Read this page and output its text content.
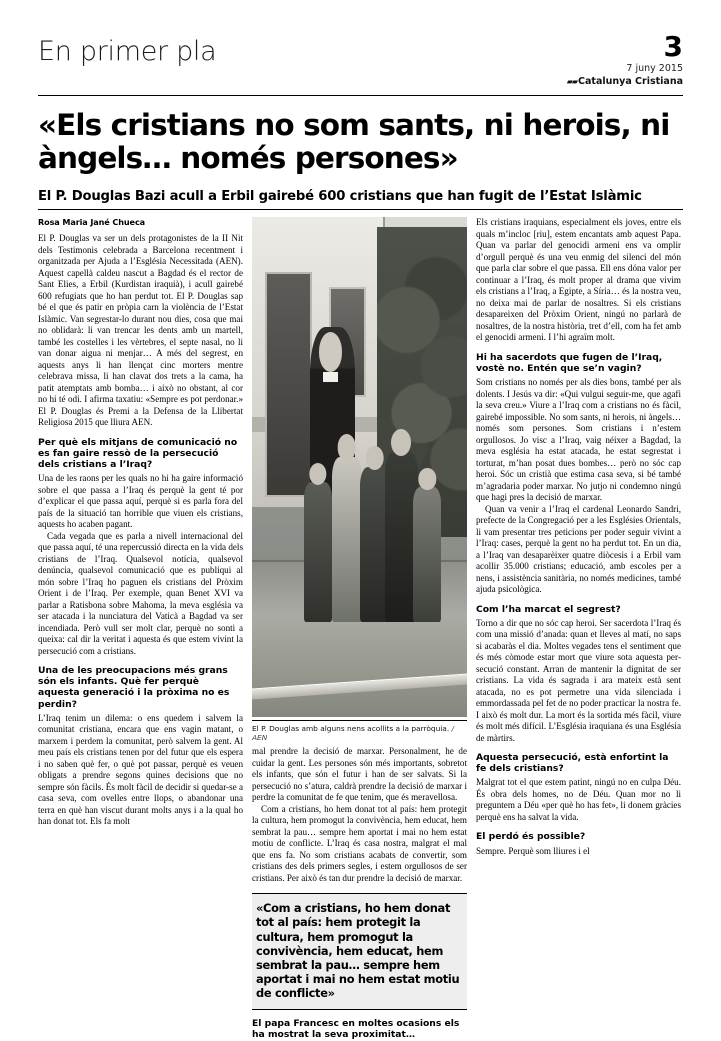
En primer pla	3
7 juny 2015
▰▰Catalunya Cristiana
«Els cristians no som sants, ni herois, ni àngels… només persones»
El P. Douglas Bazi acull a Erbil gairebé 600 cristians que han fugit de l’Estat Islàmic
Rosa Maria Jané Chueca

El P. Douglas va ser un dels protagonistes de la II Nit dels Testimonis celebrada a Barcelona recentment i organitzada per Ajuda a l’Església Necessitada (AEN). Aquest capellà caldeu nascut a Bagdad és el rector de Sant Elies, a Erbil (Kurdistan iraquià), i acull gairebé 600 refugiats que ho han perdut tot. El P. Douglas sap bé el que és patir en pròpia carn la violència de l’Estat Islàmic. Van segrestar-lo durant nou dies, cosa que mai no oblidarà: li van trencar les dents amb un martell, també les costelles i les vèrtebres, el septe nasal, no li van donar aigua ni menjar… A més del segrest, en aquests anys li han llençat cinc morters mentre celebrava missa, li han clavat dos trets a la cama, ha patit atemptats amb bomba… i això no obstant, al cor no hi té odi. I afirma taxatiu: «Sempre es pot perdonar.» El P. Douglas és Premi a la Defensa de la Llibertat Religiosa 2015 que lliura AEN.

Per què els mitjans de comunicació no es fan gaire ressò de la persecució dels cristians a l’Iraq?

Una de les raons per les quals no hi ha gaire informació sobre el que passa a l’Iraq és perquè la gent té por d’explicar el que passa aquí, perquè si es parla fora del país de la situació tan horrible que viuen els cristians, aquests ho acaben pagant.

Cada vegada que es parla a nivell internacional del que passa aquí, té una repercussió directa en la vida dels cristians de l’Iraq. Qualsevol notícia, qualsevol denúncia, qualsevol comunicació que es publiqui al món sobre l’Iraq ho paguen els cristians del Pròxim Orient i de l’Iraq. Per exemple, quan Benet XVI va parlar a Ratisbona sobre Mahoma, la meva església va ser atacada i la nunciatura del Vaticà a Bagdad va ser incendiada. Però vull ser molt clar, perquè no sonti a queixa: cal dir la veritat i aquesta és que estem vivint la persecució com a cristians.

Una de les preocupacions més grans són els infants. Què fer perquè aquesta generació i la pròxima no es perdin?

L’Iraq tenim un dilema: o ens quedem i salvem la comunitat cristiana, encara que ens vagin matant, o marxem i perdem la comunitat, però salvem la gent. Al meu país els cristians tenen por del futur que els espera i no saben què fer, o què pot passar, perquè es veuen obligats a prendre segons quines decisions que no sempre són fàcils. És molt fàcil de decidir si quedar-se a casa seva, com ovelles entre llops, o abandonar una terra en què han viscut durant molts anys i a la qual ho han donat tot. Els fa molt

El P. Douglas amb alguns nens acollits a la parròquia. / AEN

mal prendre la decisió de marxar. Personalment, he de cuidar la gent. Les persones són més importants, sobretot els infants, que són el futur i han de ser salvats. Si la persecució no s’atura, caldrà prendre la decisió de marxar i perdre la comunitat de fe que tenim, que és meravellosa.

Com a cristians, ho hem donat tot al país: hem protegit la cultura, hem promogut la convivència, hem educat, hem sembrat la pau… sempre hem aportat i mai no hem estat motiu de conflicte. L’Iraq és casa nostra, malgrat el mal que ens fa. No som cristians acabats de convertir, som cristians des dels primers segles, i estem orgullosos de ser cristians. Per això és tan dur prendre la decisió de marxar.

«Com a cristians, ho hem donat tot al país: hem protegit la cultura, hem promogut la convivència, hem educat, hem sembrat la pau… sempre hem aportat i mai no hem estat motiu de conflicte»

El papa Francesc en moltes ocasions els ha mostrat la seva proximitat…

Els cristians iraquians, especialment els joves, entre els quals m’incloc [riu], estem encantats amb aquest Papa. Quan va parlar del genocidi armeni ens va omplir d’orgull perquè és una veu enmig del silenci del món que parla clar sobre el que passa. Ell ens dóna valor per continuar a l’Iraq, és molt proper al drama que vivim els cristians a l’Iraq, a Egipte, a Síria… és la nostra veu, no deixa mai de parlar de nosaltres. Si els cristians desapareixen del Pròxim Orient, ningú no parlarà de nosaltres, de la nostra història, tret d’ell, com ha fet amb el genocidi armeni. I l’hi agraïm molt.

Hi ha sacerdots que fugen de l’Iraq, vostè no. Entén que se’n vagin?

Som cristians no només per als dies bons, també per als dolents. I Jesús va dir: «Qui vulgui seguir-me, que agafi la seva creu.» Viure a l’Iraq com a cristians no és fàcil, gairebé impossible. No som sants, ni herois, ni àngels… només som persones. Som cristians i n’estem orgullosos. Jo visc a l’Iraq, vaig néixer a Bagdad, la meva església ha estat atacada, he estat segrestat i torturat, m’han posat dues bombes… però no sóc cap heroi. Sóc un cristià que estima casa seva, si bé també m’agradaria poder marxar. No jutjo ni condemno ningú que hagi pres la decisió de marxar.

Quan va venir a l’Iraq el cardenal Leonardo Sandri, prefecte de la Congregació per a les Esglésies Orientals, li vam presentar tres peticions per poder seguir vivint a l’Iraq: cases, perquè la gent no ha perdut tot. En un dia, a l’Iraq van desaparèixer quatre diòcesis i a Erbil vam acollir 35.000 cristians; educació, amb escoles per a nens, i assistència sanitària, no només medicines, també ajuda psicològica.

Com l’ha marcat el segrest?

Torno a dir que no sóc cap heroi. Ser sacerdota l’Iraq és com una missió d’anada: quan et lleves al matí, no saps si acabaràs el dia. Moltes vegades tens el sentiment que és més còmode estar mort que viure sota aquesta persecució constant. Arran de mantenir la dignitat de ser cristians. La vida és sagrada i ara mateix està sent atacada, no es pot permetre una vida silenciada i emmordassada pel fet de no poder practicar la nostra fe. I això és molt dur. La mort és la sortida més fàcil, viure és molt més difícil. L’Església iraquiana és una Església de màrtirs.

Aquesta persecució, està enfortint la fe dels cristians?

Malgrat tot el que estem patint, ningú no en culpa Déu. És obra dels homes, no de Déu. Quan mor no li preguntem a Déu «per què ho has fet», li donem gràcies perquè ens ha salvat la vida.

El perdó és possible?

Sempre. Perquè som lliures i el
